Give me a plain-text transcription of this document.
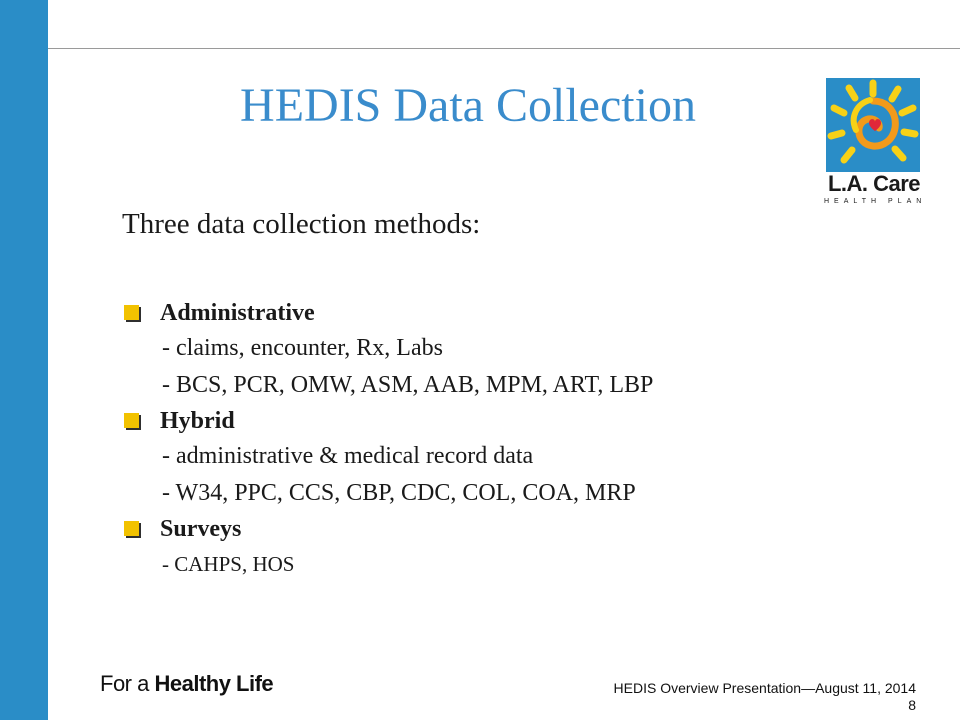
HEDIS Data Collection
L.A. Care
HEALTH PLAN

Three data collection methods:

Administrative
- claims, encounter, Rx, Labs
- BCS, PCR, OMW, ASM, AAB, MPM, ART, LBP
Hybrid
- administrative & medical record data
- W34, PPC, CCS, CBP, CDC, COL, COA, MRP
Surveys
- CAHPS, HOS
For a Healthy Life	HEDIS Overview Presentation—August 11, 2014
8
